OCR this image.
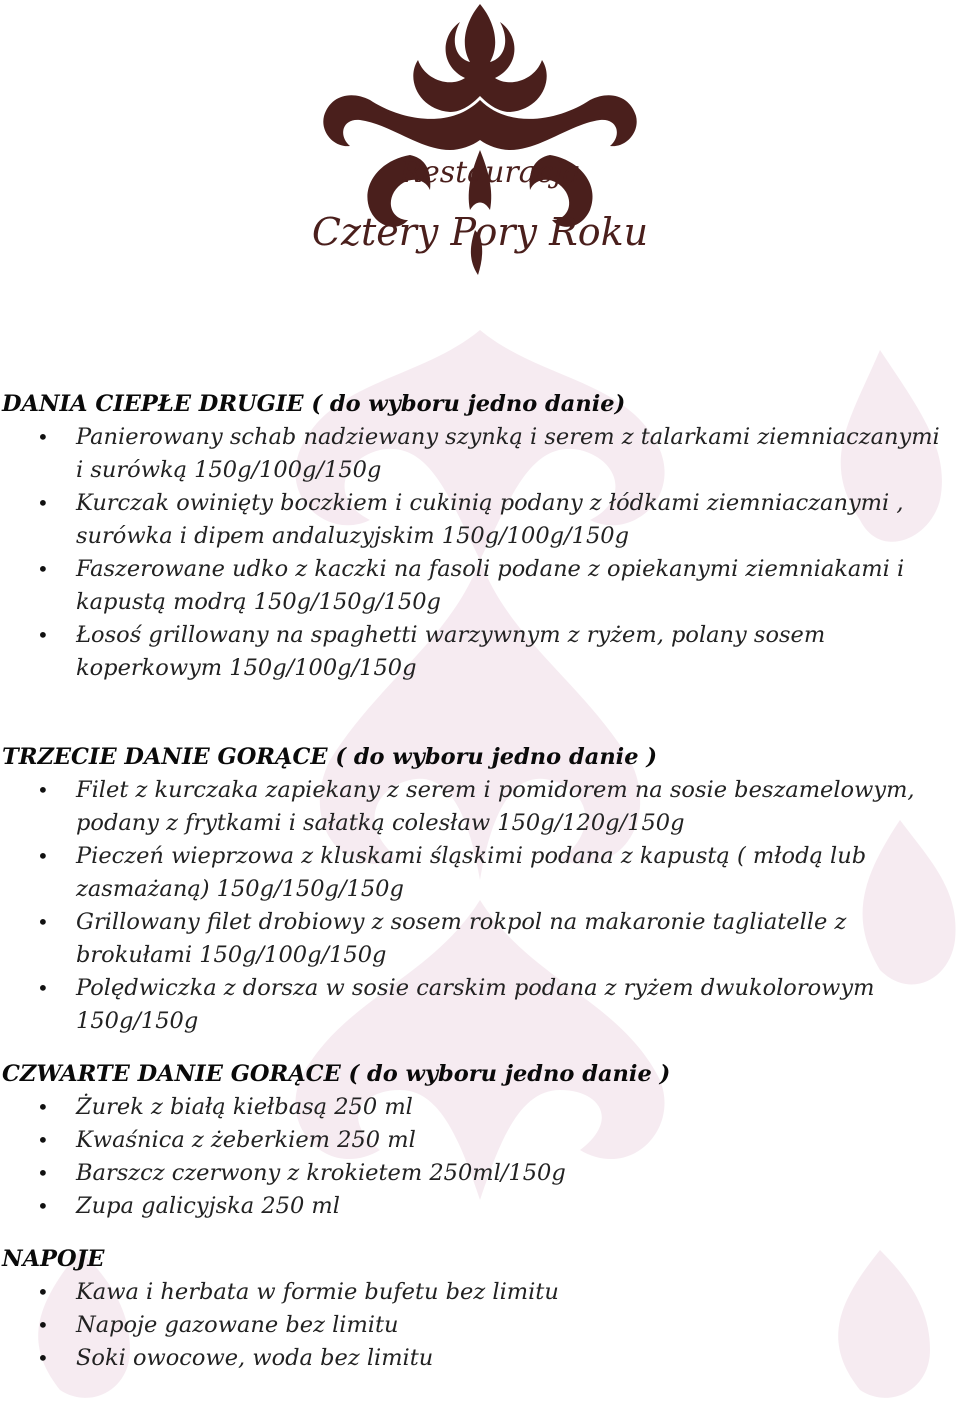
Restauracja
Cztery Pory Roku
DANIA CIEPŁE DRUGIE ( do wyboru jedno danie)
• Panierowany schab nadziewany szynką i serem z talarkami ziemniaczanymi i surówką 150g/100g/150g
• Kurczak owinięty boczkiem i cukinią podany z łódkami ziemniaczanymi , surówka i dipem andaluzyjskim 150g/100g/150g
• Faszerowane udko z kaczki na fasoli podane z opiekanymi ziemniakami i kapustą modrą 150g/150g/150g
• Łosoś grillowany na spaghetti warzywnym z ryżem, polany sosem koperkowym 150g/100g/150g
TRZECIE DANIE GORĄCE ( do wyboru jedno danie )
• Filet z kurczaka zapiekany z serem i pomidorem na sosie beszamelowym, podany z frytkami i sałatką colesław 150g/120g/150g
• Pieczeń wieprzowa z kluskami śląskimi podana z kapustą ( młodą lub zasmażaną) 150g/150g/150g
• Grillowany filet drobiowy z sosem rokpol na makaronie tagliatelle z brokułami 150g/100g/150g
• Polędwiczka z dorsza w sosie carskim podana z ryżem dwukolorowym 150g/150g
CZWARTE DANIE GORĄCE ( do wyboru jedno danie )
• Żurek z białą kiełbasą 250 ml
• Kwaśnica z żeberkiem 250 ml
• Barszcz czerwony z krokietem 250ml/150g
• Zupa galicyjska 250 ml
NAPOJE
• Kawa i herbata w formie bufetu bez limitu
• Napoje gazowane bez limitu
• Soki owocowe, woda bez limitu
